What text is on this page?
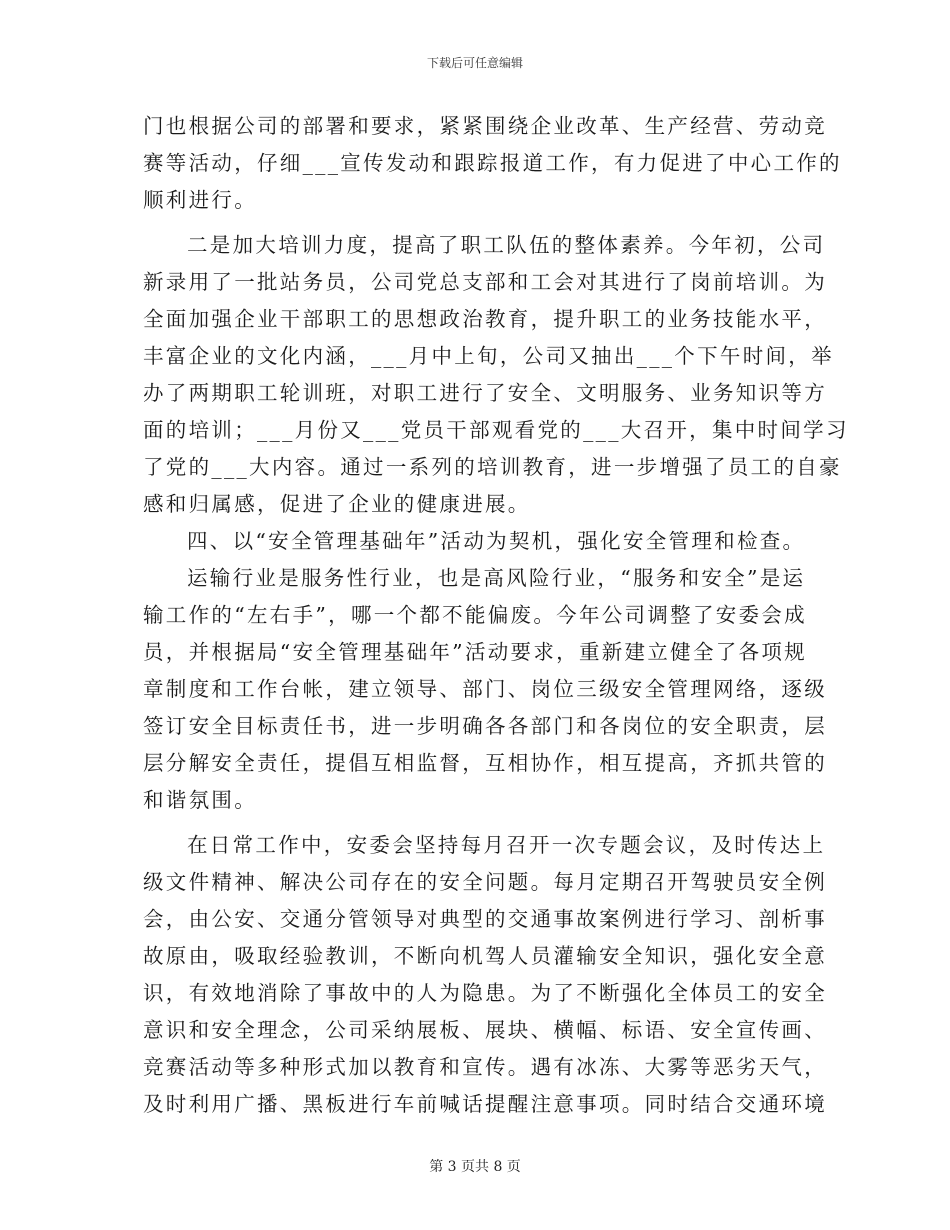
下载后可任意编辑
门也根据公司的部署和要求，紧紧围绕企业改革、生产经营、劳动竞
赛等活动，仔细___宣传发动和跟踪报道工作，有力促进了中心工作的
顺利进行。
二是加大培训力度，提高了职工队伍的整体素养。今年初，公司
新录用了一批站务员，公司党总支部和工会对其进行了岗前培训。为
全面加强企业干部职工的思想政治教育，提升职工的业务技能水平，
丰富企业的文化内涵，___月中上旬，公司又抽出___个下午时间，举
办了两期职工轮训班，对职工进行了安全、文明服务、业务知识等方
面的培训；___月份又___党员干部观看党的___大召开，集中时间学习
了党的___大内容。通过一系列的培训教育，进一步增强了员工的自豪
感和归属感，促进了企业的健康进展。
四、以“安全管理基础年”活动为契机，强化安全管理和检查。
运输行业是服务性行业，也是高风险行业，“服务和安全”是运
输工作的“左右手”，哪一个都不能偏废。今年公司调整了安委会成
员，并根据局“安全管理基础年”活动要求，重新建立健全了各项规
章制度和工作台帐，建立领导、部门、岗位三级安全管理网络，逐级
签订安全目标责任书，进一步明确各各部门和各岗位的安全职责，层
层分解安全责任，提倡互相监督，互相协作，相互提高，齐抓共管的
和谐氛围。
在日常工作中，安委会坚持每月召开一次专题会议，及时传达上
级文件精神、解决公司存在的安全问题。每月定期召开驾驶员安全例
会，由公安、交通分管领导对典型的交通事故案例进行学习、剖析事
故原由，吸取经验教训，不断向机驾人员灌输安全知识，强化安全意
识，有效地消除了事故中的人为隐患。为了不断强化全体员工的安全
意识和安全理念，公司采纳展板、展块、横幅、标语、安全宣传画、
竞赛活动等多种形式加以教育和宣传。遇有冰冻、大雾等恶劣天气，
及时利用广播、黑板进行车前喊话提醒注意事项。同时结合交通环境
第 3 页共 8 页
